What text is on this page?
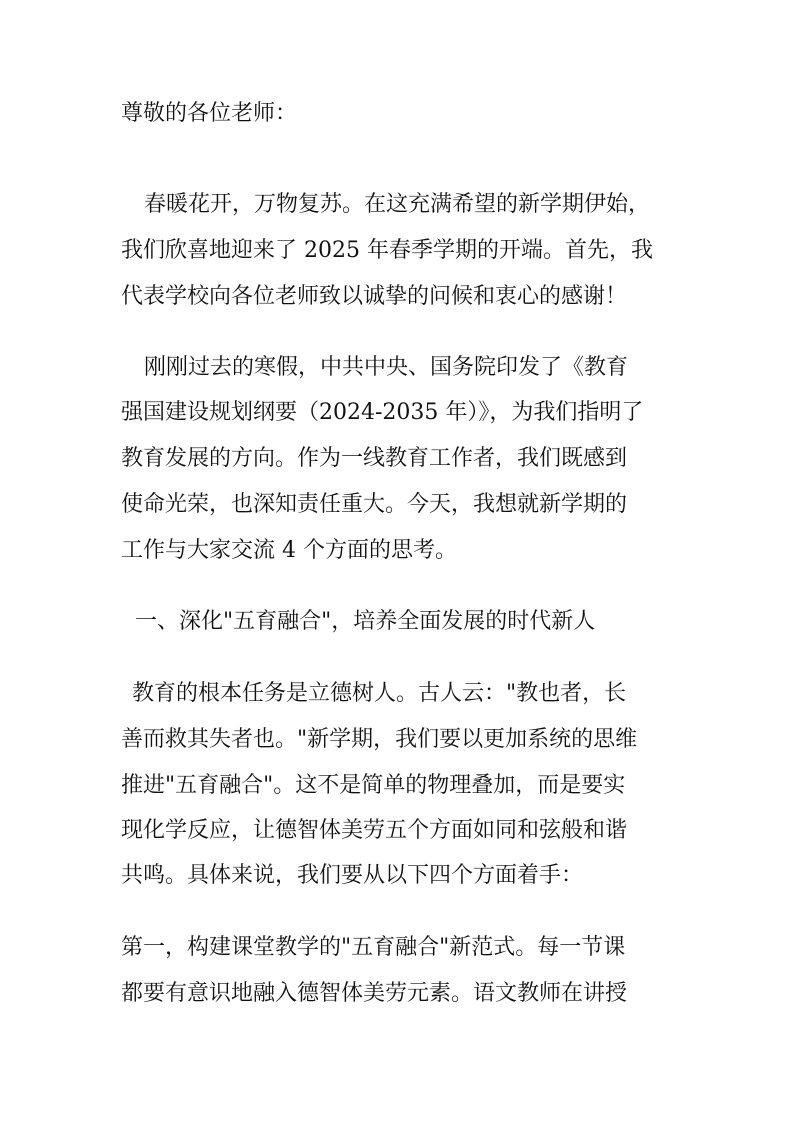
尊敬的各位老师：
春暖花开，万物复苏。在这充满希望的新学期伊始，
我们欣喜地迎来了 2025 年春季学期的开端。首先，我
代表学校向各位老师致以诚挚的问候和衷心的感谢！
刚刚过去的寒假，中共中央、国务院印发了《教育
强国建设规划纲要（2024-2035 年）》，为我们指明了
教育发展的方向。作为一线教育工作者，我们既感到
使命光荣，也深知责任重大。今天，我想就新学期的
工作与大家交流 4 个方面的思考。
一、深化"五育融合"，培养全面发展的时代新人
教育的根本任务是立德树人。古人云："教也者，长
善而救其失者也。"新学期，我们要以更加系统的思维
推进"五育融合"。这不是简单的物理叠加，而是要实
现化学反应，让德智体美劳五个方面如同和弦般和谐
共鸣。具体来说，我们要从以下四个方面着手：
第一，构建课堂教学的"五育融合"新范式。每一节课
都要有意识地融入德智体美劳元素。语文教师在讲授
